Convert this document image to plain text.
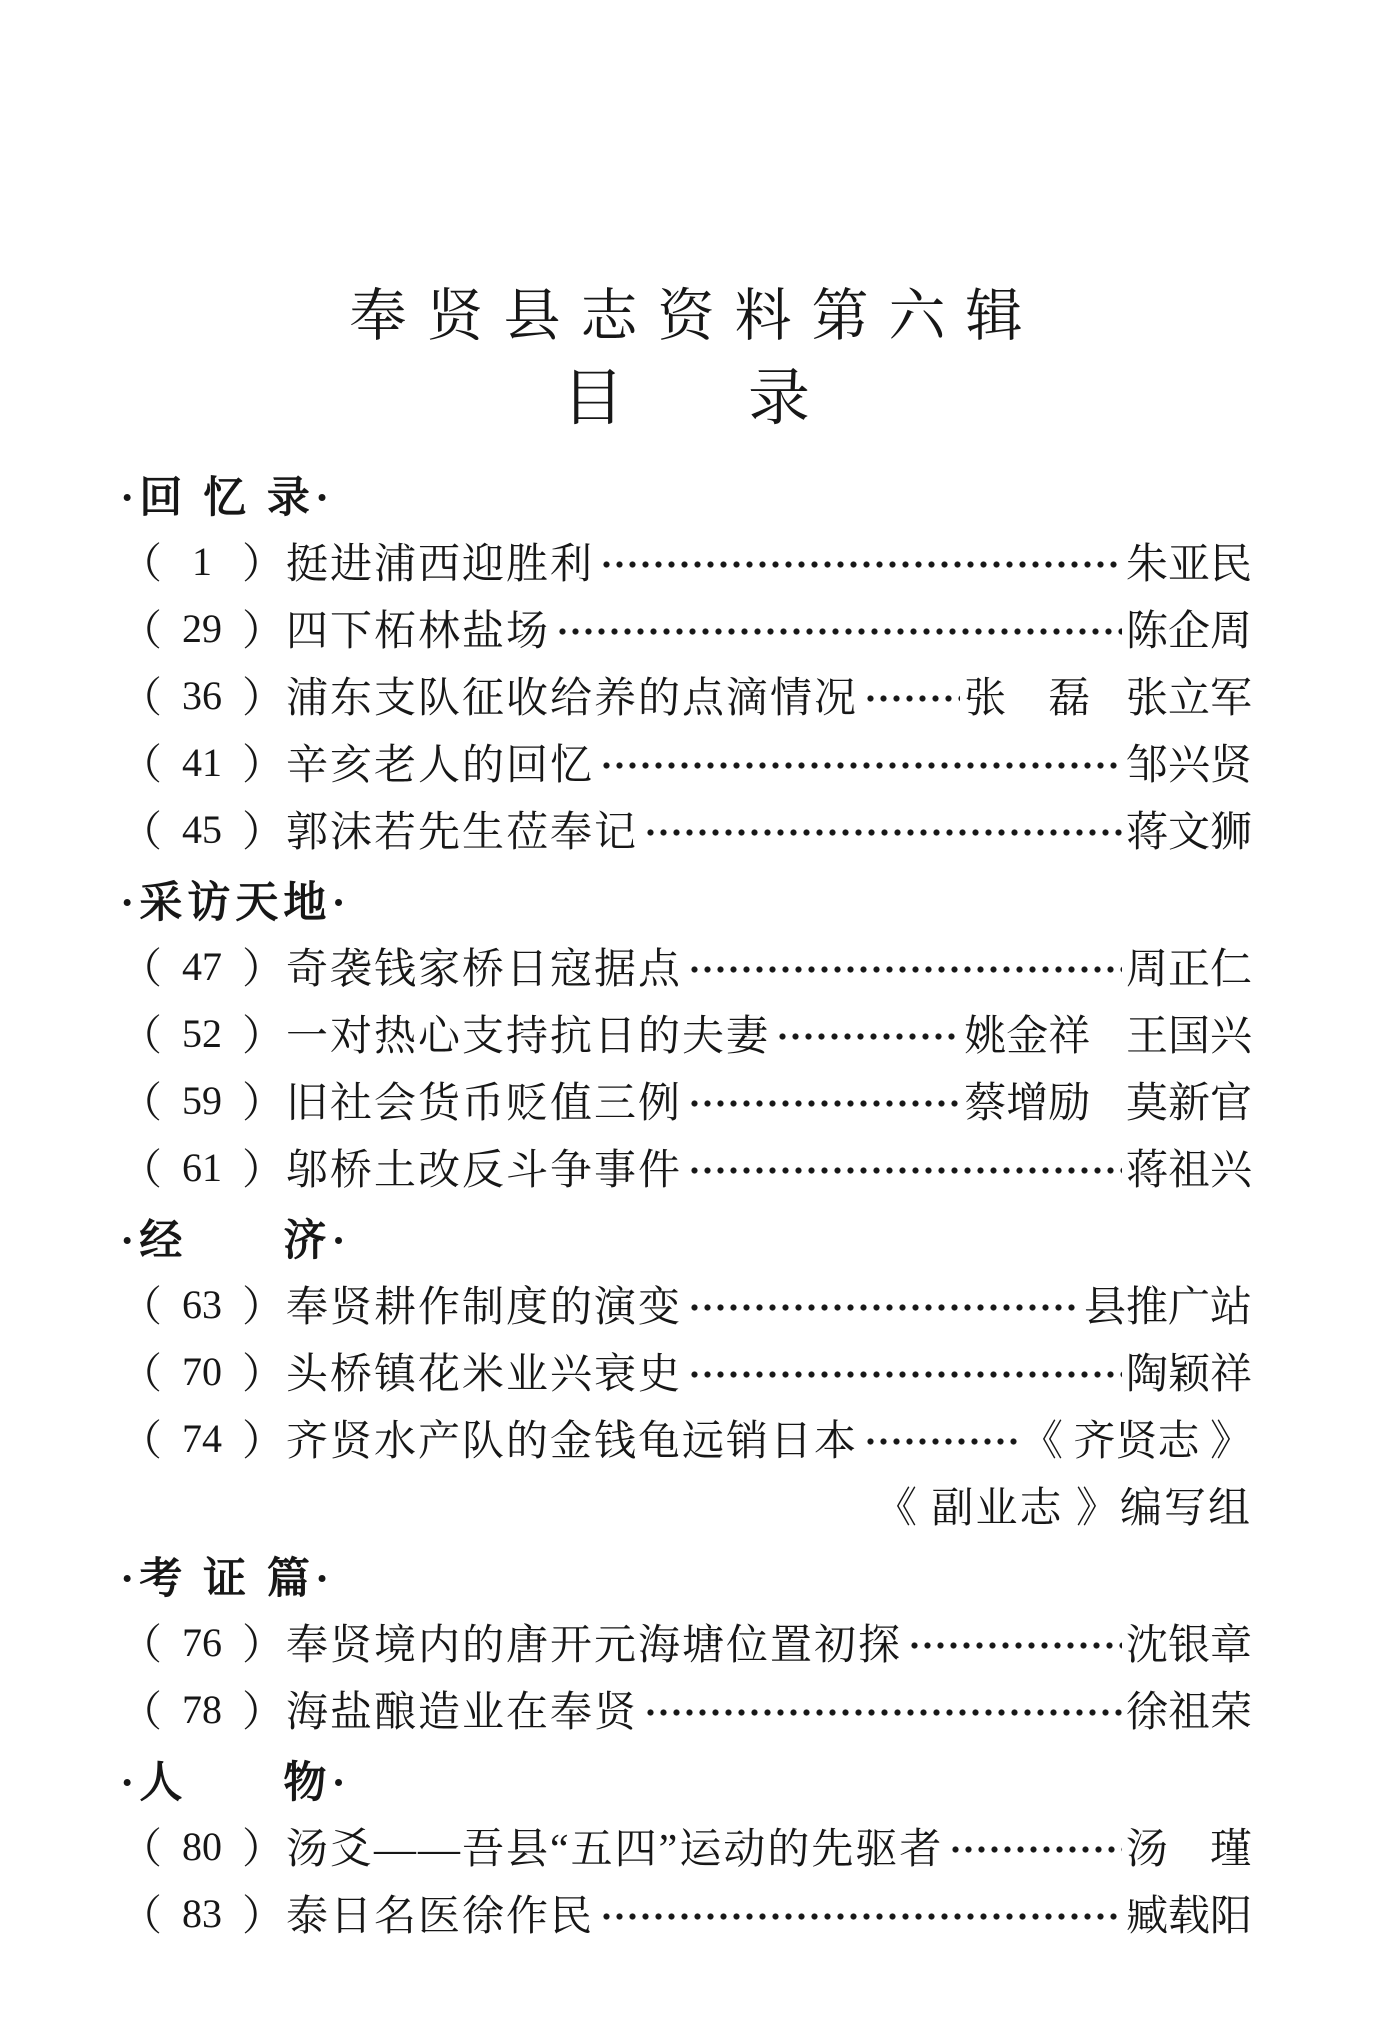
奉贤县志资料第六辑
目　　录
·回 忆 录·
（ 1 ） 挺进浦西迎胜利	朱亚民
（ 29 ） 四下柘林盐场	陈企周
（ 36 ） 浦东支队征收给养的点滴情况	张　磊 张立军
（ 41 ） 辛亥老人的回忆	邹兴贤
（ 45 ） 郭沫若先生莅奉记	蒋文狮
·采访天地·
（ 47 ） 奇袭钱家桥日寇据点	周正仁
（ 52 ） 一对热心支持抗日的夫妻	姚金祥 王国兴
（ 59 ） 旧社会货币贬值三例	蔡增励 莫新官
（ 61 ） 邬桥土改反斗争事件	蒋祖兴
·经　　济·
（ 63 ） 奉贤耕作制度的演变	县推广站
（ 70 ） 头桥镇花米业兴衰史	陶颖祥
（ 74 ） 齐贤水产队的金钱龟远销日本	《 齐贤志 》
《 副业志 》编写组
·考 证 篇·
（ 76 ） 奉贤境内的唐开元海塘位置初探	沈银章
（ 78 ） 海盐酿造业在奉贤	徐祖荣
·人　　物·
（ 80 ） 汤爻——吾县“五四”运动的先驱者	汤　瑾
（ 83 ） 泰日名医徐作民	臧载阳
